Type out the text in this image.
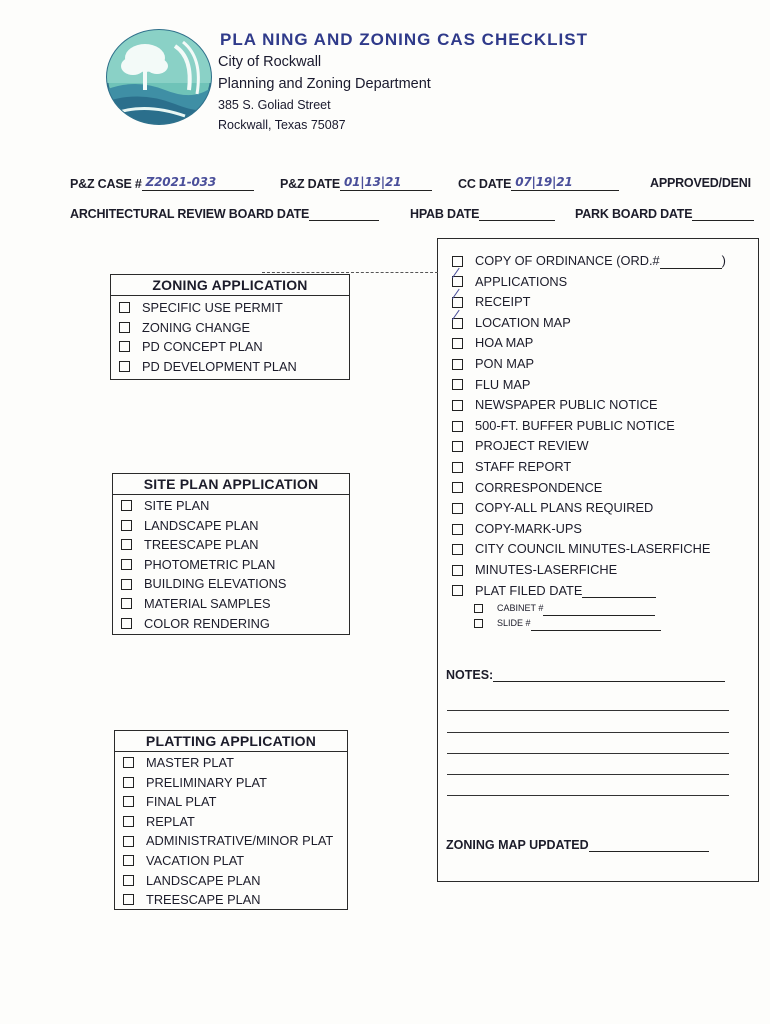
PLA NING AND ZONING CAS CHECKLIST
City of Rockwall
Planning and Zoning Department
385 S. Goliad Street
Rockwall, Texas 75087
P&Z CASE # Z2021-033	P&Z DATE 01|13|21	CC DATE 07|19|21	APPROVED/DENI
ARCHITECTURAL REVIEW BOARD DATE	HPAB DATE	PARK BOARD DATE
ZONING APPLICATION
SPECIFIC USE PERMIT
ZONING CHANGE
PD CONCEPT PLAN
PD DEVELOPMENT PLAN
SITE PLAN APPLICATION
SITE PLAN
LANDSCAPE PLAN
TREESCAPE PLAN
PHOTOMETRIC PLAN
BUILDING ELEVATIONS
MATERIAL SAMPLES
COLOR RENDERING
PLATTING APPLICATION
MASTER PLAT
PRELIMINARY PLAT
FINAL PLAT
REPLAT
ADMINISTRATIVE/MINOR PLAT
VACATION PLAT
LANDSCAPE PLAN
TREESCAPE PLAN
COPY OF ORDINANCE (ORD.#	)
APPLICATIONS
RECEIPT
LOCATION MAP
HOA MAP
PON MAP
FLU MAP
NEWSPAPER PUBLIC NOTICE
500-FT. BUFFER PUBLIC NOTICE
PROJECT REVIEW
STAFF REPORT
CORRESPONDENCE
COPY-ALL PLANS REQUIRED
COPY-MARK-UPS
CITY COUNCIL MINUTES-LASERFICHE
MINUTES-LASERFICHE
PLAT FILED DATE
CABINET #
SLIDE #
NOTES:
ZONING MAP UPDATED
